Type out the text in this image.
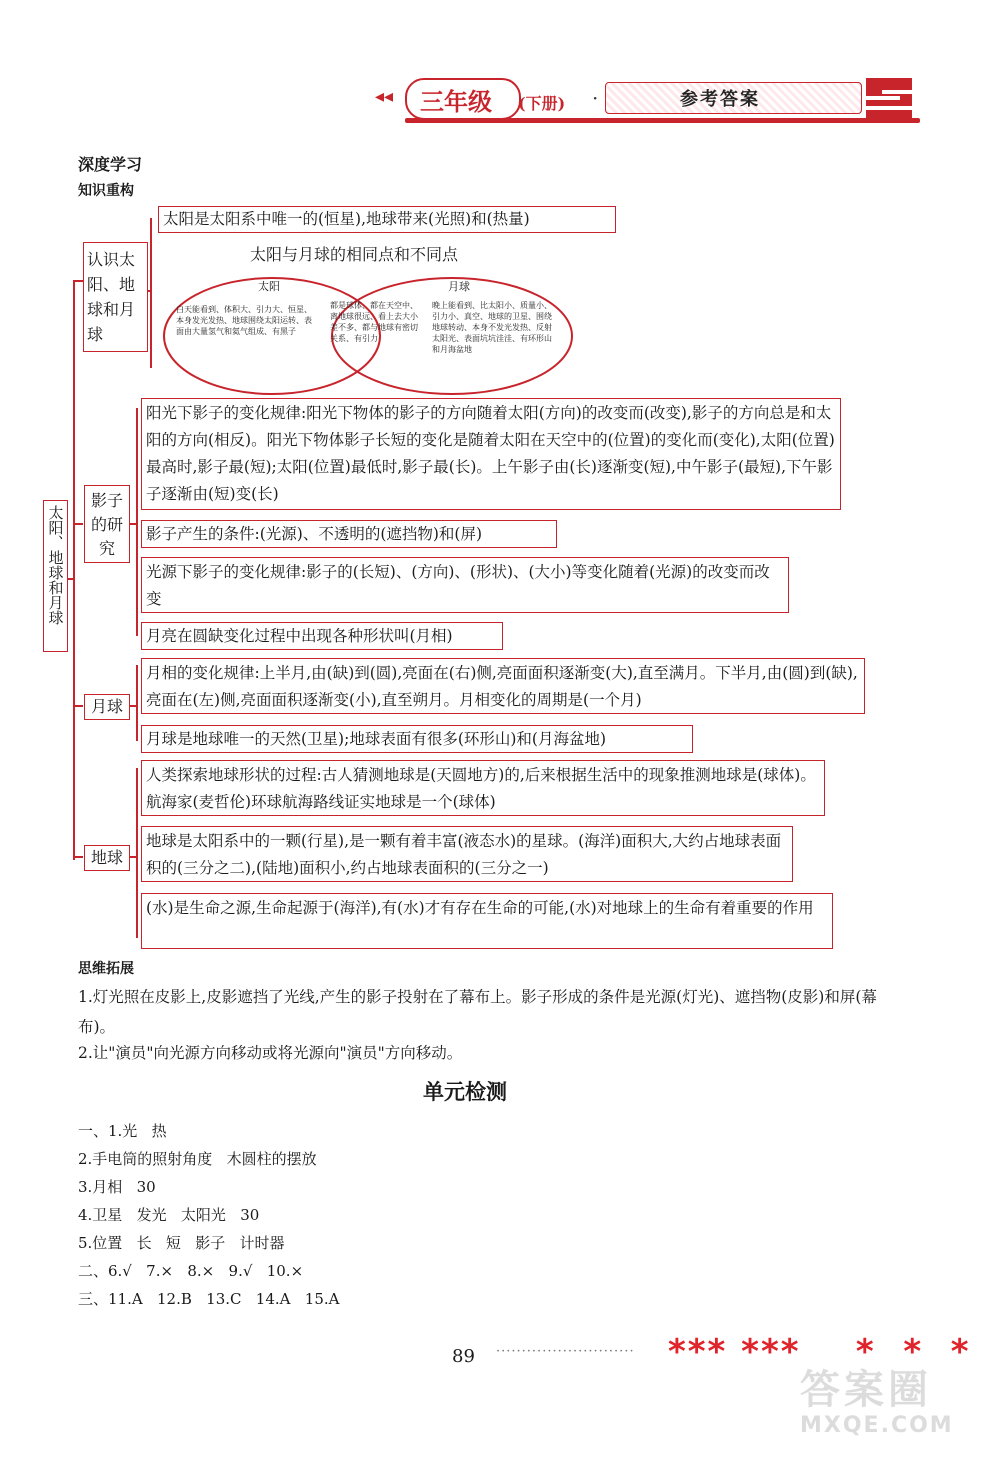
◂◂ 三年级 (下册) ·	参考答案
深度学习
知识重构
太阳、地球和月球
认识太阳、地球和月球
影子的研究
月球
地球
太阳是太阳系中唯一的(恒星),地球带来(光照)和(热量)
太阳与月球的相同点和不同点
太阳	月球
白天能看到、体积大、引力大、恒星、本身发光发热、地球围绕太阳运转、表面由大量氢气和氦气组成、有黑子
都是球体、都在天空中、离地球很远、看上去大小差不多、都与地球有密切关系、有引力
晚上能看到、比太阳小、质量小、引力小、真空、地球的卫星、围绕地球转动、本身不发光发热、反射太阳光、表面坑坑洼洼、有环形山和月海盆地
阳光下影子的变化规律:阳光下物体的影子的方向随着太阳(方向)的改变而(改变),影子的方向总是和太阳的方向(相反)。阳光下物体影子长短的变化是随着太阳在天空中的(位置)的变化而(变化),太阳(位置)最高时,影子最(短);太阳(位置)最低时,影子最(长)。上午影子由(长)逐渐变(短),中午影子(最短),下午影子逐渐由(短)变(长)
影子产生的条件:(光源)、不透明的(遮挡物)和(屏)
光源下影子的变化规律:影子的(长短)、(方向)、(形状)、(大小)等变化随着(光源)的改变而改变
月亮在圆缺变化过程中出现各种形状叫(月相)
月相的变化规律:上半月,由(缺)到(圆),亮面在(右)侧,亮面面积逐渐变(大),直至满月。下半月,由(圆)到(缺),亮面在(左)侧,亮面面积逐渐变(小),直至朔月。月相变化的周期是(一个月)
月球是地球唯一的天然(卫星);地球表面有很多(环形山)和(月海盆地)
人类探索地球形状的过程:古人猜测地球是(天圆地方)的,后来根据生活中的现象推测地球是(球体)。航海家(麦哲伦)环球航海路线证实地球是一个(球体)
地球是太阳系中的一颗(行星),是一颗有着丰富(液态水)的星球。(海洋)面积大,大约占地球表面积的(三分之二),(陆地)面积小,约占地球表面积的(三分之一)
(水)是生命之源,生命起源于(海洋),有(水)才有存在生命的可能,(水)对地球上的生命有着重要的作用
思维拓展
1.灯光照在皮影上,皮影遮挡了光线,产生的影子投射在了幕布上。影子形成的条件是光源(灯光)、遮挡物(皮影)和屏(幕布)。
2.让"演员"向光源方向移动或将光源向"演员"方向移动。
单元检测
一、1.光   热
2.手电筒的照射角度   木圆柱的摆放
3.月相   30
4.卫星   发光   太阳光   30
5.位置   长   短   影子   计时器
二、6.√   7.×   8.×   9.√   10.×
三、11.A   12.B   13.C   14.A   15.A
89 ··························· *** ***    *  *  *
答案圈
MXQE.COM
